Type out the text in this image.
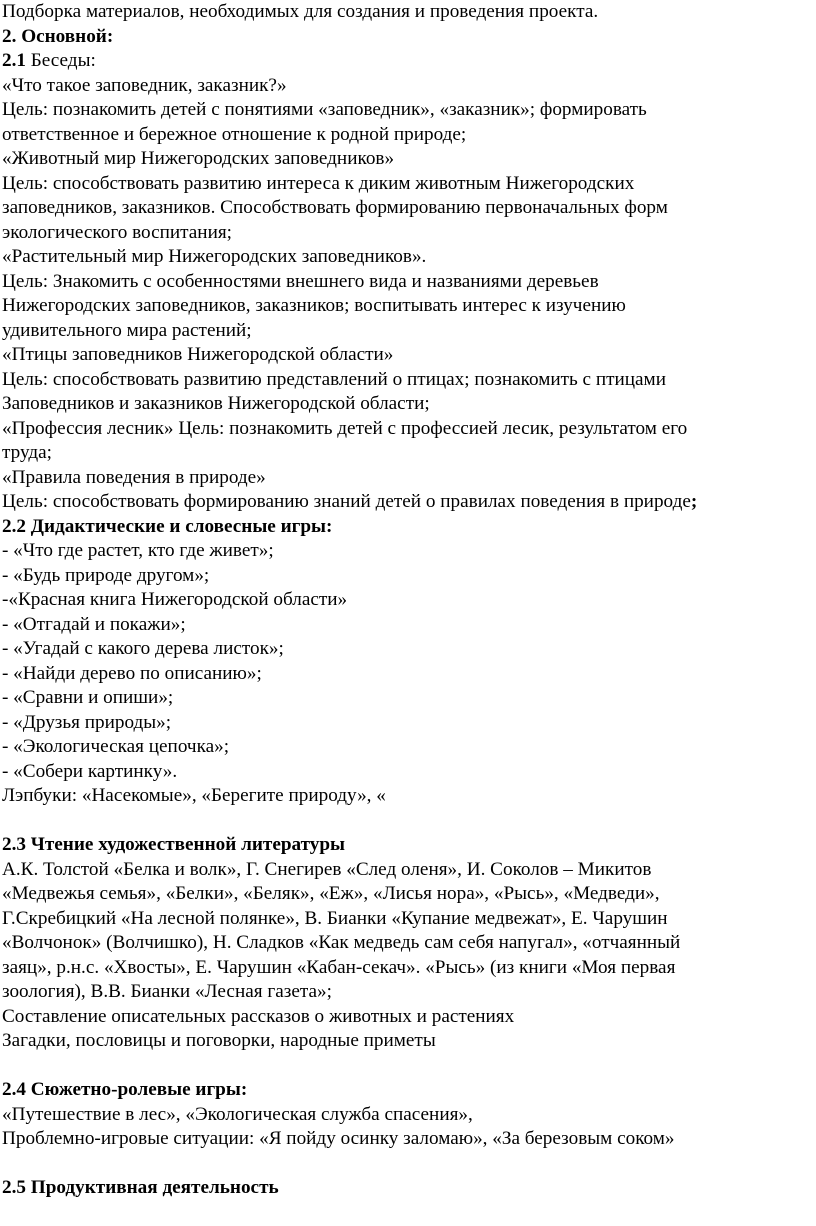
Подборка материалов, необходимых для создания и проведения проекта.
2. Основной:
2.1 Беседы:
«Что такое заповедник, заказник?»
Цель: познакомить детей с понятиями «заповедник», «заказник»; формировать
ответственное и бережное отношение к родной природе;
«Животный мир Нижегородских заповедников»
Цель: способствовать развитию интереса к диким животным Нижегородских
заповедников, заказников. Способствовать формированию первоначальных форм
экологического воспитания;
«Растительный мир Нижегородских заповедников».
Цель: Знакомить с особенностями внешнего вида и названиями деревьев
Нижегородских заповедников, заказников; воспитывать интерес к изучению
удивительного мира растений;
«Птицы заповедников Нижегородской области»
Цель: способствовать развитию представлений о птицах; познакомить с птицами
Заповедников и заказников Нижегородской области;
«Профессия лесник» Цель: познакомить детей с профессией лесик, результатом его
труда;
«Правила поведения в природе»
Цель: способствовать формированию знаний детей о правилах поведения в природе;
2.2 Дидактические и словесные игры:
- «Что где растет, кто где живет»;
- «Будь природе другом»;
-«Красная книга Нижегородской области»
- «Отгадай и покажи»;
- «Угадай с какого дерева листок»;
- «Найди дерево по описанию»;
- «Сравни и опиши»;
- «Друзья природы»;
- «Экологическая цепочка»;
- «Собери картинку».
Лэпбуки: «Насекомые», «Берегите природу», «
2.3 Чтение художественной литературы
А.К. Толстой «Белка и волк», Г. Снегирев «След оленя», И. Соколов – Микитов
«Медвежья семья», «Белки», «Беляк», «Еж», «Лисья нора», «Рысь», «Медведи»,
Г.Скребицкий «На лесной полянке», В. Бианки «Купание медвежат», Е. Чарушин
«Волчонок» (Волчишко), Н. Сладков «Как медведь сам себя напугал», «отчаянный
заяц», р.н.с. «Хвосты», Е. Чарушин «Кабан-секач». «Рысь» (из книги «Моя первая
зоология), В.В. Бианки «Лесная газета»;
Составление описательных рассказов о животных и растениях
Загадки, пословицы и поговорки, народные приметы
2.4 Сюжетно-ролевые игры:
«Путешествие в лес», «Экологическая служба спасения»,
Проблемно-игровые ситуации: «Я пойду осинку заломаю», «За березовым соком»
2.5 Продуктивная деятельность
